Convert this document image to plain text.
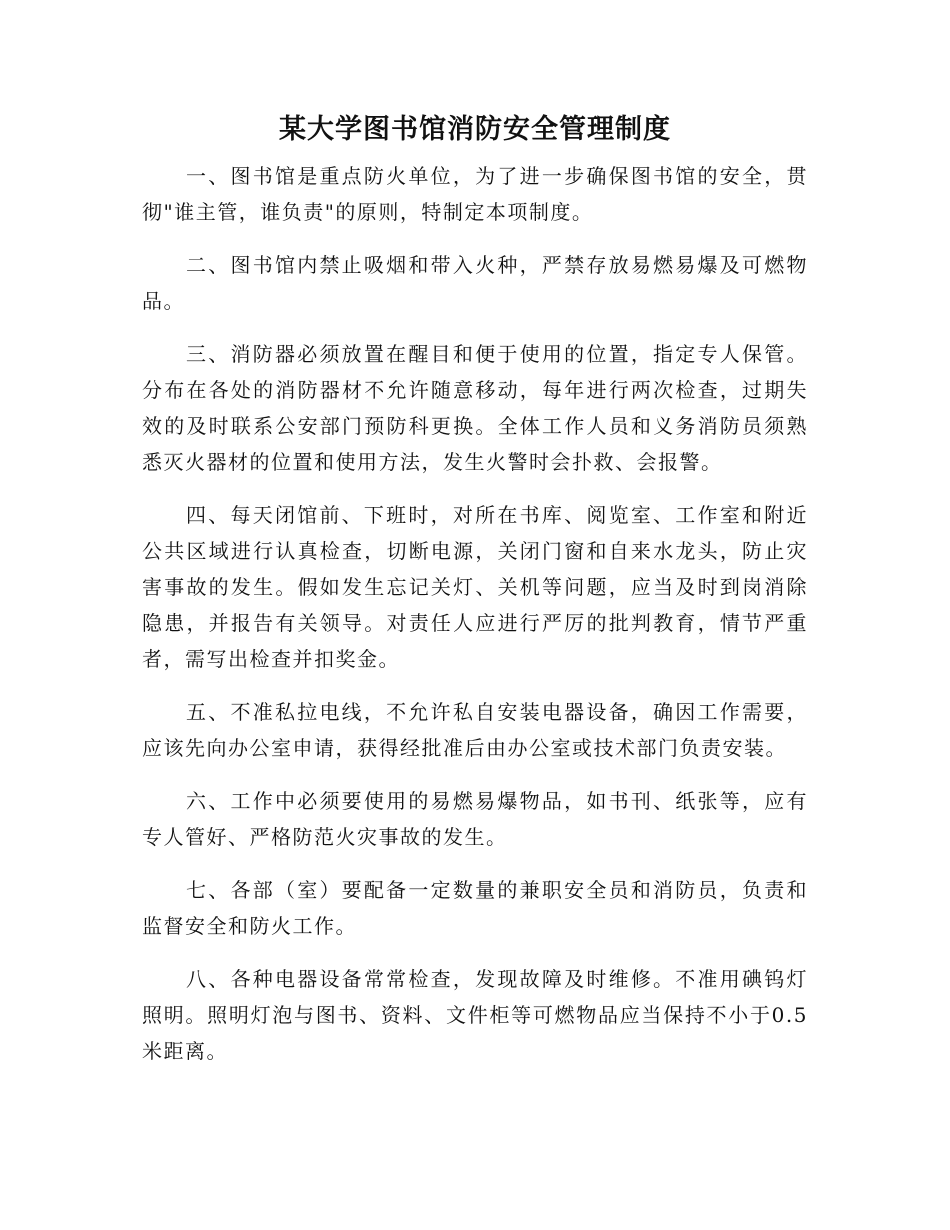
某大学图书馆消防安全管理制度

一、图书馆是重点防火单位，为了进一步确保图书馆的安全，贯彻"谁主管，谁负责"的原则，特制定本项制度。

二、图书馆内禁止吸烟和带入火种，严禁存放易燃易爆及可燃物品。

三、消防器必须放置在醒目和便于使用的位置，指定专人保管。分布在各处的消防器材不允许随意移动，每年进行两次检查，过期失效的及时联系公安部门预防科更换。全体工作人员和义务消防员须熟悉灭火器材的位置和使用方法，发生火警时会扑救、会报警。

四、每天闭馆前、下班时，对所在书库、阅览室、工作室和附近公共区域进行认真检查，切断电源，关闭门窗和自来水龙头，防止灾害事故的发生。假如发生忘记关灯、关机等问题，应当及时到岗消除隐患，并报告有关领导。对责任人应进行严厉的批判教育，情节严重者，需写出检查并扣奖金。

五、不准私拉电线，不允许私自安装电器设备，确因工作需要，应该先向办公室申请，获得经批准后由办公室或技术部门负责安装。

六、工作中必须要使用的易燃易爆物品，如书刊、纸张等，应有专人管好、严格防范火灾事故的发生。

七、各部（室）要配备一定数量的兼职安全员和消防员，负责和监督安全和防火工作。

八、各种电器设备常常检查，发现故障及时维修。不准用碘钨灯照明。照明灯泡与图书、资料、文件柜等可燃物品应当保持不小于0.5米距离。
